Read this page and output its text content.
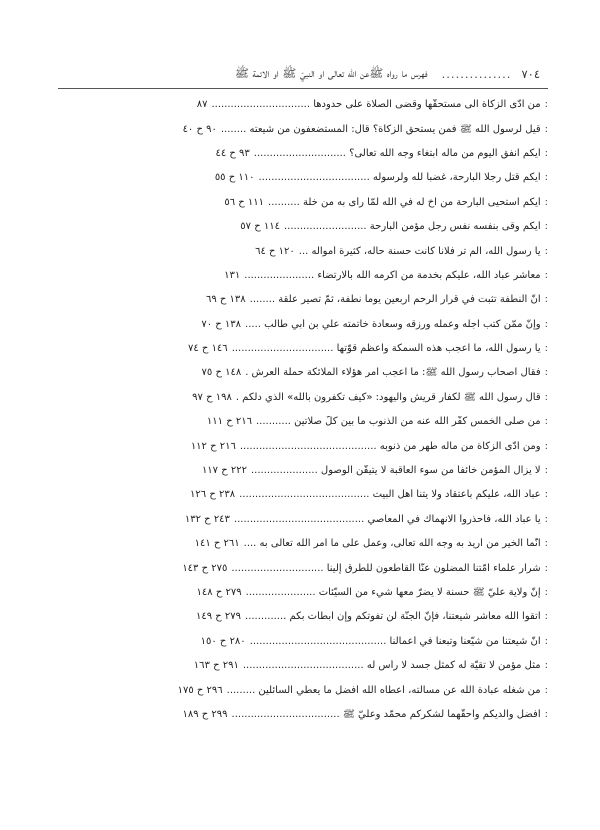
٧٠٤
...............
فهرس ما رواه ﷺعن الله تعالى او النبيّ ﷺ او الائمة ﷺ
:
من ادّى الزكاة الى مستحقّها وقضى الصلاة على حدودها ...............................
٨٧
:
قيل لرسول الله ﷺ فمن يستحق الزكاة؟ قال: المستضعفون من شيعته ........
٩٠ ح ٤٠
:
أيكم انفق اليوم من ماله ابتغاء وجه الله تعالى؟ .............................
٩٣ ح ٤٤
:
أيكم قتل رجلا البارحة، غضباً لله ولرسوله ...................................
١١٠ ح ٥٥
:
أيكم استحيى البارحة من اخ له في الله لمّا رأى به من خلّة ..........
١١١ ح ٥٦
:
أيكم وقى بنفسه نفس رجل مؤمن البارحة ..........................
١١٤ ح ٥٧
:
يا رسول الله، الم تر فلاناً كانت حسنة حاله، كثيرة أمواله ...
١٢٠ ح ٦٤
:
معاشر عباد الله، عليكم بخدمة من اكرمه الله بالارتضاء ......................
١٣١
:
انّ النطفة تثبت في قرار الرحم اربعين يوماً نطفة، ثمّ تصير علقة ........
١٣٨ ح ٦٩
:
وإنّ ممّن كتب اجله وعمله ورزقه وسعادة خاتمته علي بن أبي طالب .....
١٣٨ ح ٧٠
:
يا رسول الله، ما اعجب هذه السمكة واعظم قوّتها ................................
١٤٦ ح ٧٤
:
فقال اصحاب رسول الله ﷺ: ما اعجب امر هؤلاء الملائكة حملة العرش .
١٤٨ ح ٧٥
:
قال رسول الله ﷺ لكفار قريش واليهود: «كيف تكفرون بالله» الّذي دلّكم .
١٩٨ ح ٩٧
:
من صلّى الخمس كفّر الله عنه من الذنوب ما بين كلّ صلاتين ...........
٢١٦ ح ١١١
:
ومن ادّى الزكاة من ماله طهر من ذنوبه ...........................................
٢١٦ ح ١١٢
:
لا يزال المؤمن خائفاً من سوء العاقبة لا يتيقّن الوصول .....................
٢٢٢ ح ١١٧
:
عباد الله، عليكم باعتقاد ولا يتنا أهل البيت .........................................
٢٣٨ ح ١٢٦
:
يا عباد الله، فاحذروا الانهماك في المعاصي .........................................
٢٤٣ ح ١٣٢
:
انّما الخير من أريد به وجه الله تعالى، وعمل على ما امر الله تعالى به ....
٢٦١ ح ١٤١
:
شرار علماء امّتنا المضلّون عنّا القاطعون للطرق إلينا .............................
٢٧٥ ح ١٤٣
:
إنّ ولاية عليّ ﷺ حسنة لا يضرّ معها شيء من السيّئات ......................
٢٧٩ ح ١٤٨
:
اتقوا الله معاشر شيعتنا، فإنّ الجنّة لن تفوتكم وإن ابطأت بكم .............
٢٧٩ ح ١٤٩
:
انّ شيعتنا من شيّعنا وتبعنا في أعمالنا ...........................................
٢٨٠ ح ١٥٠
:
مثل مؤمن لا تقيّة له كمثل جسد لا رأس له ......................................
٢٩١ ح ١٦٣
:
من شغله عبادة الله عن مسالته، أعطاه الله أفضل ما يعطي السائلين .........
٢٩٦ ح ١٧٥
:
أفضل والديكم واحقّهما لشكركم محمّد وعليّ ﷺ ..................................
٢٩٩ ح ١٨٩
